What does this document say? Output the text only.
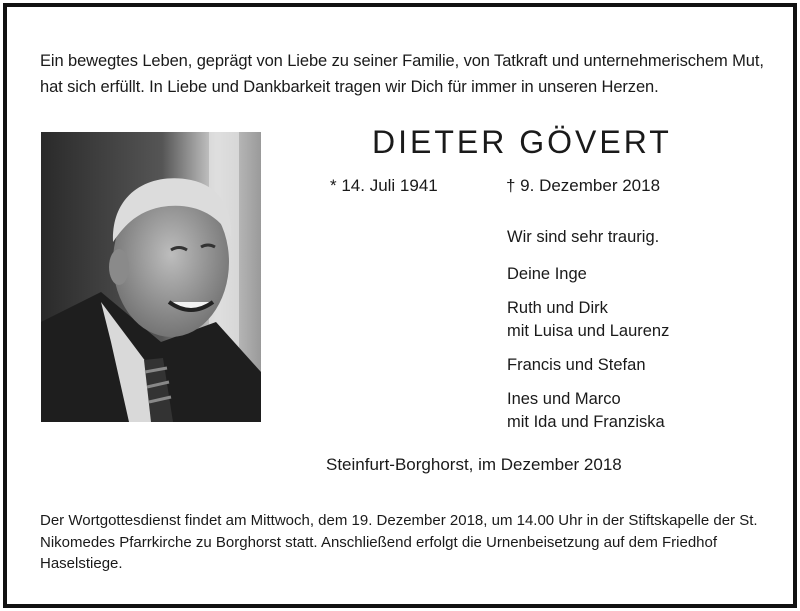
Ein bewegtes Leben, geprägt von Liebe zu seiner Familie, von Tatkraft und unternehmerischem Mut, hat sich erfüllt. In Liebe und Dankbarkeit tragen wir Dich für immer in unseren Herzen.
DIETER GÖVERT
* 14. Juli 1941	† 9. Dezember 2018
Wir sind sehr traurig.
Deine Inge
Ruth und Dirk
mit Luisa und Laurenz
Francis und Stefan
Ines und Marco
mit Ida und Franziska
Steinfurt-Borghorst, im Dezember 2018
Der Wortgottesdienst findet am Mittwoch, dem 19. Dezember 2018, um 14.00 Uhr in der Stiftskapelle der St. Nikomedes Pfarrkirche zu Borghorst statt. Anschließend erfolgt die Urnenbeisetzung auf dem Friedhof Haselstiege.
